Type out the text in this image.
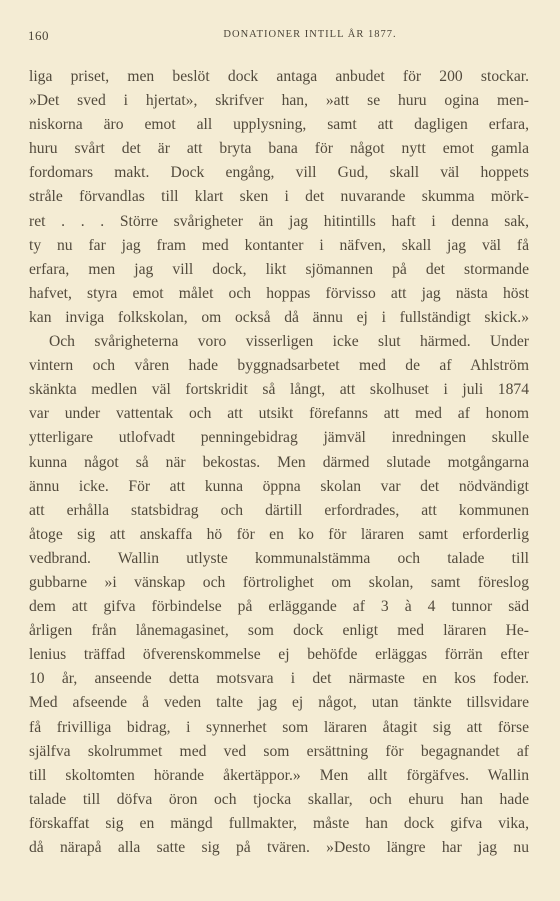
160	DONATIONER INTILL ÅR 1877.
liga priset, men beslöt dock antaga anbudet för 200 stockar.
»Det sved i hjertat», skrifver han, »att se huru ogina men-
niskorna äro emot all upplysning, samt att dagligen erfara,
huru svårt det är att bryta bana för något nytt emot gamla
fordomars makt. Dock engång, vill Gud, skall väl hoppets
stråle förvandlas till klart sken i det nuvarande skumma mörk-
ret . . . Större svårigheter än jag hitintills haft i denna sak,
ty nu far jag fram med kontanter i näfven, skall jag väl få
erfara, men jag vill dock, likt sjömannen på det stormande
hafvet, styra emot målet och hoppas förvisso att jag nästa höst
kan inviga folkskolan, om också då ännu ej i fullständigt skick.»
Och svårigheterna voro visserligen icke slut härmed. Under
vintern och våren hade byggnadsarbetet med de af Ahlström
skänkta medlen väl fortskridit så långt, att skolhuset i juli 1874
var under vattentak och att utsikt förefanns att med af honom
ytterligare utlofvadt penningebidrag jämväl inredningen skulle
kunna något så när bekostas. Men därmed slutade motgångarna
ännu icke. För att kunna öppna skolan var det nödvändigt
att erhålla statsbidrag och därtill erfordrades, att kommunen
åtoge sig att anskaffa hö för en ko för läraren samt erforderlig
vedbrand. Wallin utlyste kommunalstämma och talade till
gubbarne »i vänskap och förtrolighet om skolan, samt föreslog
dem att gifva förbindelse på erläggande af 3 à 4 tunnor säd
årligen från lånemagasinet, som dock enligt med läraren He-
lenius träffad öfverenskommelse ej behöfde erläggas förrän efter
10 år, anseende detta motsvara i det närmaste en kos foder.
Med afseende å veden talte jag ej något, utan tänkte tillsvidare
få frivilliga bidrag, i synnerhet som läraren åtagit sig att förse
själfva skolrummet med ved som ersättning för begagnandet af
till skoltomten hörande åkertäppor.» Men allt förgäfves. Wallin
talade till döfva öron och tjocka skallar, och ehuru han hade
förskaffat sig en mängd fullmakter, måste han dock gifva vika,
då närapå alla satte sig på tvären. »Desto längre har jag nu
